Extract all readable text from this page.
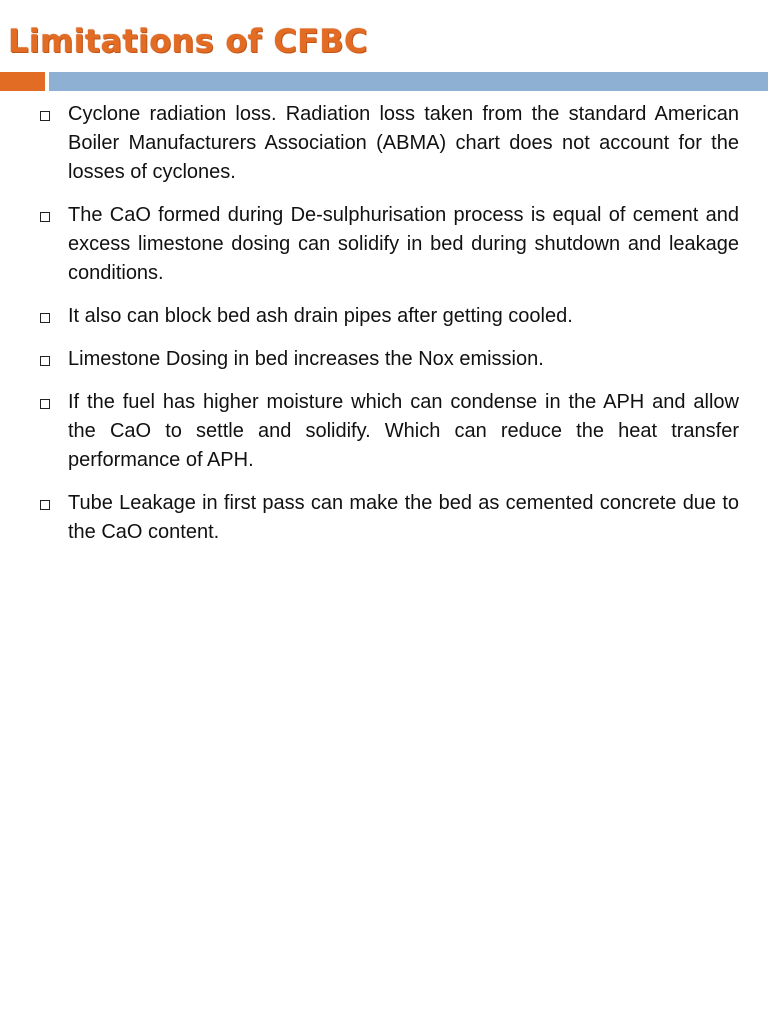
Limitations of CFBC
Cyclone radiation loss. Radiation loss taken from the standard American Boiler Manufacturers Association (ABMA) chart does not account for the losses of cyclones.
The CaO formed during De-sulphurisation process is equal of cement and excess limestone dosing can solidify in bed during shutdown and leakage conditions.
It also can block bed ash drain pipes after getting cooled.
Limestone Dosing in bed increases the Nox emission.
If the fuel has higher moisture which can condense in the APH and allow the CaO to settle and solidify. Which can reduce the heat transfer performance of APH.
Tube Leakage in first pass can make the bed as cemented concrete due to the CaO content.
